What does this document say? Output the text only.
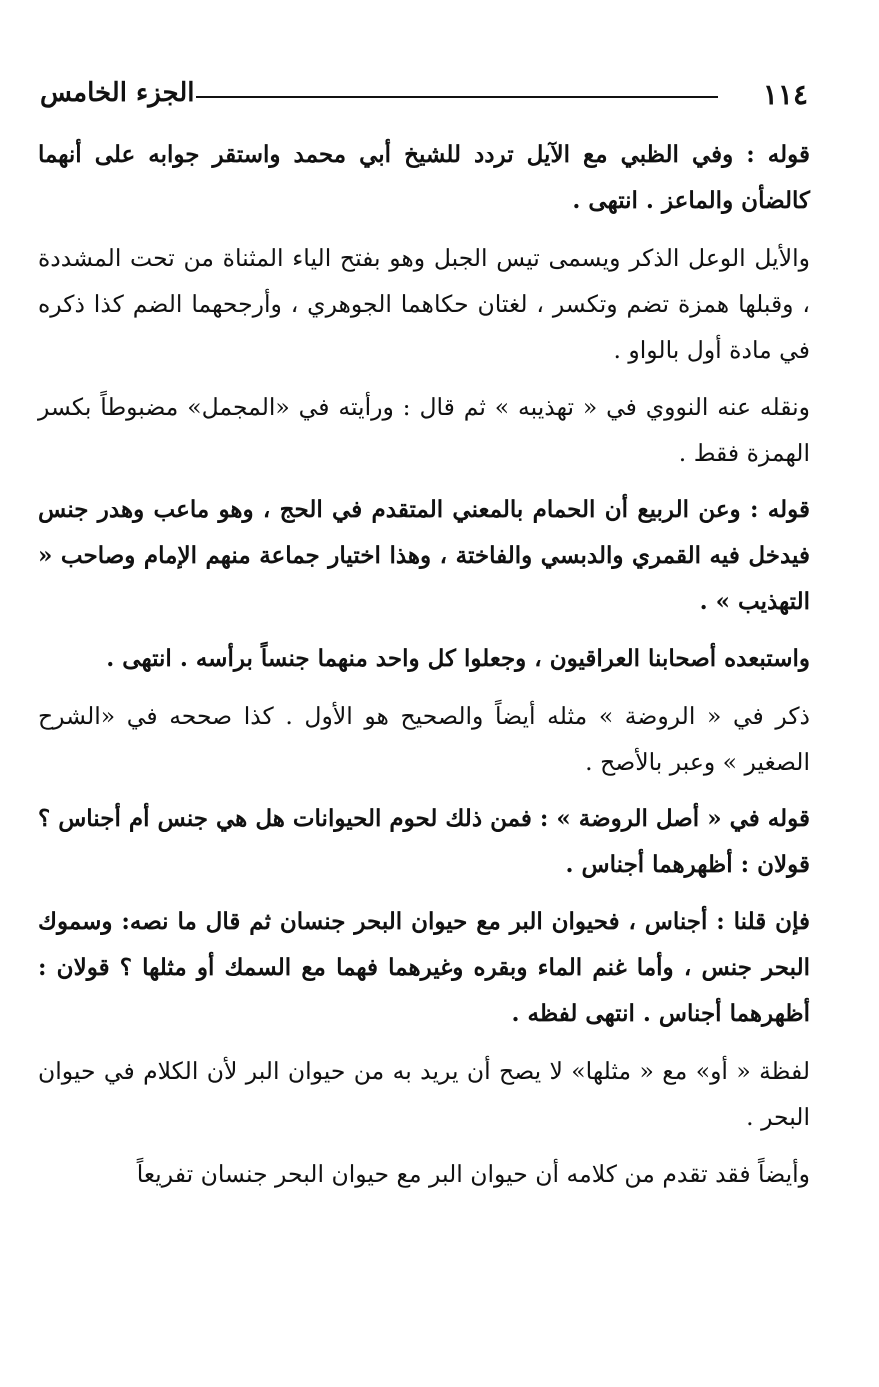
١١٤
الجزء الخامس

قوله : وفي الظبي مع الآيل تردد للشيخ أبي محمد واستقر جوابه على أنهما كالضأن والماعز . انتهى .

والأيل الوعل الذكر ويسمى تيس الجبل وهو بفتح الياء المثناة من تحت المشددة ، وقبلها همزة تضم وتكسر ، لغتان حكاهما الجوهري ، وأرجحهما الضم كذا ذكره في مادة أول بالواو .

ونقله عنه النووي في « تهذيبه » ثم قال : ورأيته في «المجمل» مضبوطاً بكسر الهمزة فقط .

قوله : وعن الربيع أن الحمام بالمعني المتقدم في الحج ، وهو ماعب وهدر جنس فيدخل فيه القمري والدبسي والفاختة ، وهذا اختيار جماعة منهم الإمام وصاحب « التهذيب » .

واستبعده أصحابنا العراقيون ، وجعلوا كل واحد منهما جنساً برأسه . انتهى .

ذكر في « الروضة » مثله أيضاً والصحيح هو الأول . كذا صححه في «الشرح الصغير » وعبر بالأصح .

قوله في « أصل الروضة » : فمن ذلك لحوم الحيوانات هل هي جنس أم أجناس ؟ قولان : أظهرهما أجناس .

فإن قلنا : أجناس ، فحيوان البر مع حيوان البحر جنسان ثم قال ما نصه: وسموك البحر جنس ، وأما غنم الماء وبقره وغيرهما فهما مع السمك أو مثلها ؟ قولان : أظهرهما أجناس . انتهى لفظه .

لفظة « أو» مع « مثلها» لا يصح أن يريد به من حيوان البر لأن الكلام في حيوان البحر .

وأيضاً فقد تقدم من كلامه أن حيوان البر مع حيوان البحر جنسان تفريعاً
